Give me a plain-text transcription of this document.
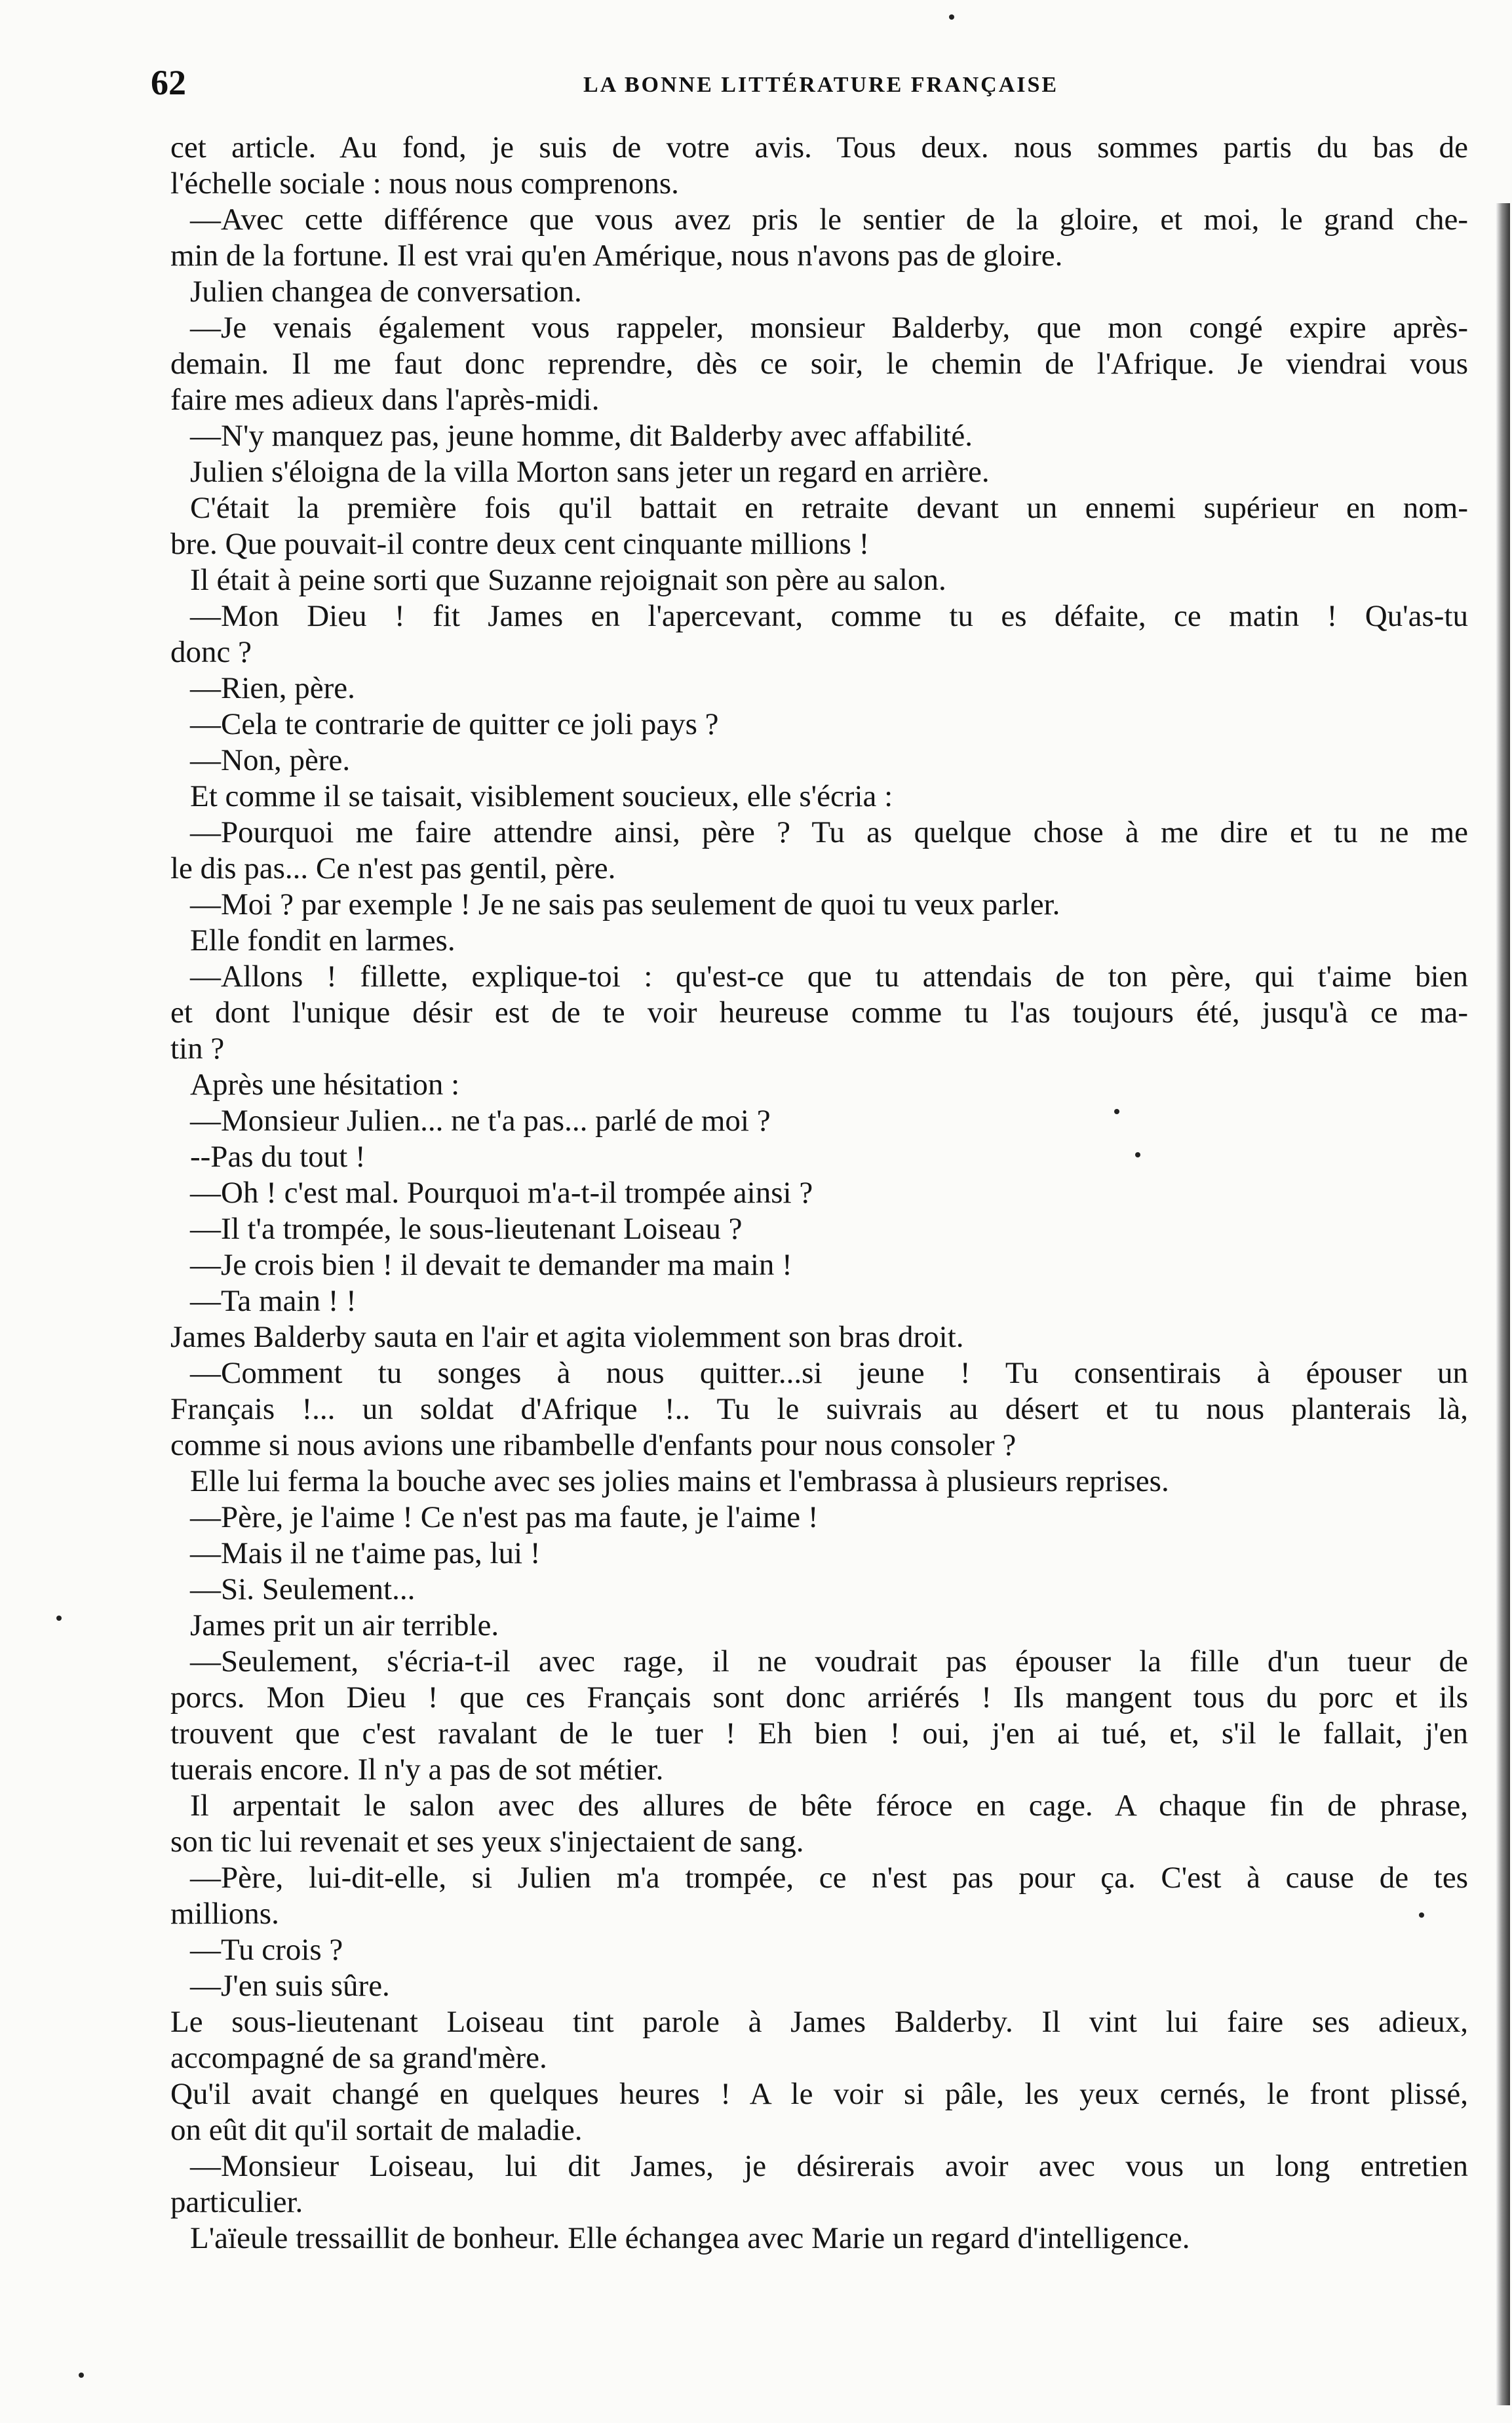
62	LA BONNE LITTÉRATURE FRANÇAISE
cet article. Au fond, je suis de votre avis. Tous deux. nous sommes partis du bas de
l'échelle sociale : nous nous comprenons.
—Avec cette différence que vous avez pris le sentier de la gloire, et moi, le grand che-
min de la fortune. Il est vrai qu'en Amérique, nous n'avons pas de gloire.
Julien changea de conversation.
—Je venais également vous rappeler, monsieur Balderby, que mon congé expire après-
demain. Il me faut donc reprendre, dès ce soir, le chemin de l'Afrique. Je viendrai vous
faire mes adieux dans l'après-midi.
—N'y manquez pas, jeune homme, dit Balderby avec affabilité.
Julien s'éloigna de la villa Morton sans jeter un regard en arrière.
C'était la première fois qu'il battait en retraite devant un ennemi supérieur en nom-
bre. Que pouvait-il contre deux cent cinquante millions !
Il était à peine sorti que Suzanne rejoignait son père au salon.
—Mon Dieu ! fit James en l'apercevant, comme tu es défaite, ce matin ! Qu'as-tu
donc ?
—Rien, père.
—Cela te contrarie de quitter ce joli pays ?
—Non, père.
Et comme il se taisait, visiblement soucieux, elle s'écria :
—Pourquoi me faire attendre ainsi, père ? Tu as quelque chose à me dire et tu ne me
le dis pas... Ce n'est pas gentil, père.
—Moi ? par exemple ! Je ne sais pas seulement de quoi tu veux parler.
Elle fondit en larmes.
—Allons ! fillette, explique-toi : qu'est-ce que tu attendais de ton père, qui t'aime bien
et dont l'unique désir est de te voir heureuse comme tu l'as toujours été, jusqu'à ce ma-
tin ?
Après une hésitation :
—Monsieur Julien... ne t'a pas... parlé de moi ?
--Pas du tout !
—Oh ! c'est mal. Pourquoi m'a-t-il trompée ainsi ?
—Il t'a trompée, le sous-lieutenant Loiseau ?
—Je crois bien ! il devait te demander ma main !
—Ta main ! !
James Balderby sauta en l'air et agita violemment son bras droit.
—Comment tu songes à nous quitter...si jeune ! Tu consentirais à épouser un
Français !... un soldat d'Afrique !.. Tu le suivrais au désert et tu nous planterais là,
comme si nous avions une ribambelle d'enfants pour nous consoler ?
Elle lui ferma la bouche avec ses jolies mains et l'embrassa à plusieurs reprises.
—Père, je l'aime ! Ce n'est pas ma faute, je l'aime !
—Mais il ne t'aime pas, lui !
—Si. Seulement...
James prit un air terrible.
—Seulement, s'écria-t-il avec rage, il ne voudrait pas épouser la fille d'un tueur de
porcs. Mon Dieu ! que ces Français sont donc arriérés ! Ils mangent tous du porc et ils
trouvent que c'est ravalant de le tuer ! Eh bien ! oui, j'en ai tué, et, s'il le fallait, j'en
tuerais encore. Il n'y a pas de sot métier.
Il arpentait le salon avec des allures de bête féroce en cage. A chaque fin de phrase,
son tic lui revenait et ses yeux s'injectaient de sang.
—Père, lui-dit-elle, si Julien m'a trompée, ce n'est pas pour ça. C'est à cause de tes
millions.
—Tu crois ?
—J'en suis sûre.
Le sous-lieutenant Loiseau tint parole à James Balderby. Il vint lui faire ses adieux,
accompagné de sa grand'mère.
Qu'il avait changé en quelques heures ! A le voir si pâle, les yeux cernés, le front plissé,
on eût dit qu'il sortait de maladie.
—Monsieur Loiseau, lui dit James, je désirerais avoir avec vous un long entretien
particulier.
L'aïeule tressaillit de bonheur. Elle échangea avec Marie un regard d'intelligence.
